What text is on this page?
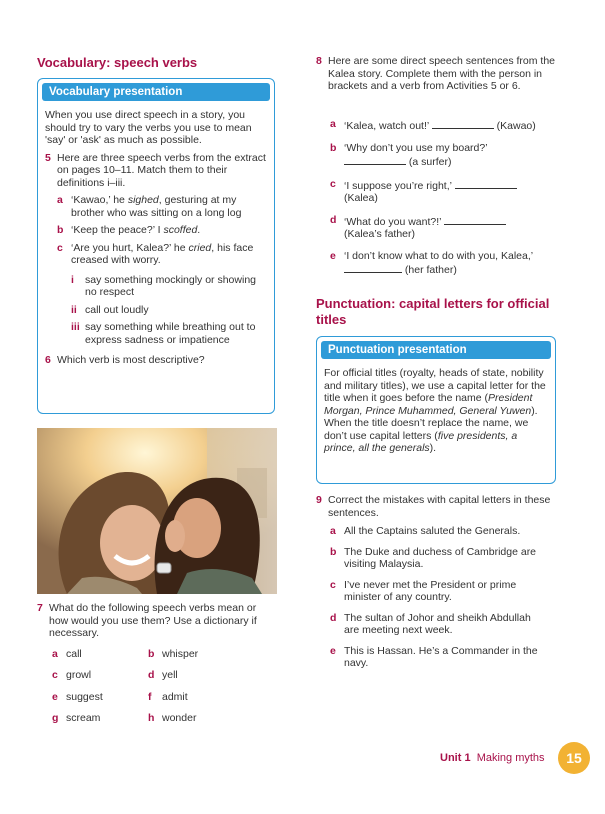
Vocabulary: speech verbs
Vocabulary presentation
When you use direct speech in a story, you should try to vary the verbs you use to mean 'say' or 'ask' as much as possible.
5 Here are three speech verbs from the extract on pages 10–11. Match them to their definitions i–iii.
a ‘Kawao,’ he sighed, gesturing at my brother who was sitting on a long log
b ‘Keep the peace?’ I scoffed.
c ‘Are you hurt, Kalea?’ he cried, his face creased with worry.
i	say something mockingly or showing no respect
ii call out loudly
iii say something while breathing out to express sadness or impatience
6 Which verb is most descriptive?
7 What do the following speech verbs mean or how would you use them? Use a dictionary if necessary.
a call	b whisper
c growl	d yell
e suggest	f admit
g scream	h wonder
8 Here are some direct speech sentences from the Kalea story. Complete them with the person in brackets and a verb from Activities 5 or 6.
a ‘Kalea, watch out!’	(Kawao)
b ‘Why don’t you use my board?’
(a surfer)
c ‘I suppose you’re right,’
(Kalea)
d ‘What do you want?!’
(Kalea’s father)
e ‘I don’t know what to do with you, Kalea,’  (her father)
Punctuation: capital letters for official titles
Punctuation presentation
For official titles (royalty, heads of state, nobility and military titles), we use a capital letter for the title when it goes before the name (President Morgan, Prince Muhammed, General Yuwen). When the title doesn’t replace the name, we don’t use capital letters (five presidents, a prince, all the generals).
9 Correct the mistakes with capital letters in these sentences.
a All the Captains saluted the Generals.
b The Duke and duchess of Cambridge are visiting Malaysia.
c I’ve never met the President or prime minister of any country.
d The sultan of Johor and sheikh Abdullah are meeting next week.
e This is Hassan. He’s a Commander in the navy.
Unit 1 Making myths	15
